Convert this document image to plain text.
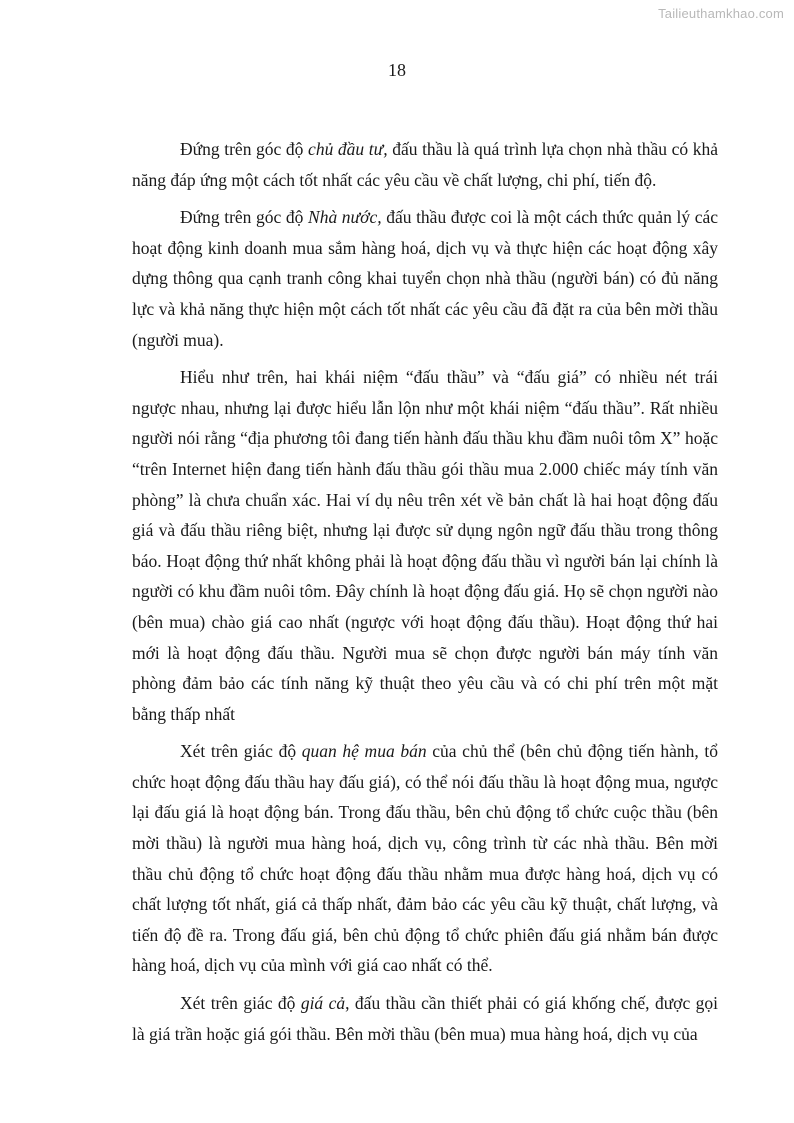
Tailieuthamkhao.com
18

Đứng trên góc độ chủ đầu tư, đấu thầu là quá trình lựa chọn nhà thầu có khả năng đáp ứng một cách tốt nhất các yêu cầu về chất lượng, chi phí, tiến độ.

Đứng trên góc độ Nhà nước, đấu thầu được coi là một cách thức quản lý các hoạt động kinh doanh mua sắm hàng hoá, dịch vụ và thực hiện các hoạt động xây dựng thông qua cạnh tranh công khai tuyển chọn nhà thầu (người bán) có đủ năng lực và khả năng thực hiện một cách tốt nhất các yêu cầu đã đặt ra của bên mời thầu (người mua).

Hiểu như trên, hai khái niệm “đấu thầu” và “đấu giá” có nhiều nét trái ngược nhau, nhưng lại được hiểu lẫn lộn như một khái niệm “đấu thầu”. Rất nhiều người nói rằng “địa phương tôi đang tiến hành đấu thầu khu đầm nuôi tôm X” hoặc “trên Internet hiện đang tiến hành đấu thầu gói thầu mua 2.000 chiếc máy tính văn phòng” là chưa chuẩn xác. Hai ví dụ nêu trên xét về bản chất là hai hoạt động đấu giá và đấu thầu riêng biệt, nhưng lại được sử dụng ngôn ngữ đấu thầu trong thông báo. Hoạt động thứ nhất không phải là hoạt động đấu thầu vì người bán lại chính là người có khu đầm nuôi tôm. Đây chính là hoạt động đấu giá. Họ sẽ chọn người nào (bên mua) chào giá cao nhất (ngược với hoạt động đấu thầu). Hoạt động thứ hai mới là hoạt động đấu thầu. Người mua sẽ chọn được người bán máy tính văn phòng đảm bảo các tính năng kỹ thuật theo yêu cầu và có chi phí trên một mặt bằng thấp nhất

Xét trên giác độ quan hệ mua bán của chủ thể (bên chủ động tiến hành, tổ chức hoạt động đấu thầu hay đấu giá), có thể nói đấu thầu là hoạt động mua, ngược lại đấu giá là hoạt động bán. Trong đấu thầu, bên chủ động tổ chức cuộc thầu (bên mời thầu) là người mua hàng hoá, dịch vụ, công trình từ các nhà thầu. Bên mời thầu chủ động tổ chức hoạt động đấu thầu nhằm mua được hàng hoá, dịch vụ có chất lượng tốt nhất, giá cả thấp nhất, đảm bảo các yêu cầu kỹ thuật, chất lượng, và tiến độ đề ra. Trong đấu giá, bên chủ động tổ chức phiên đấu giá nhằm bán được hàng hoá, dịch vụ của mình với giá cao nhất có thể.

Xét trên giác độ giá cả, đấu thầu cần thiết phải có giá khống chế, được gọi là giá trần hoặc giá gói thầu. Bên mời thầu (bên mua) mua hàng hoá, dịch vụ của
